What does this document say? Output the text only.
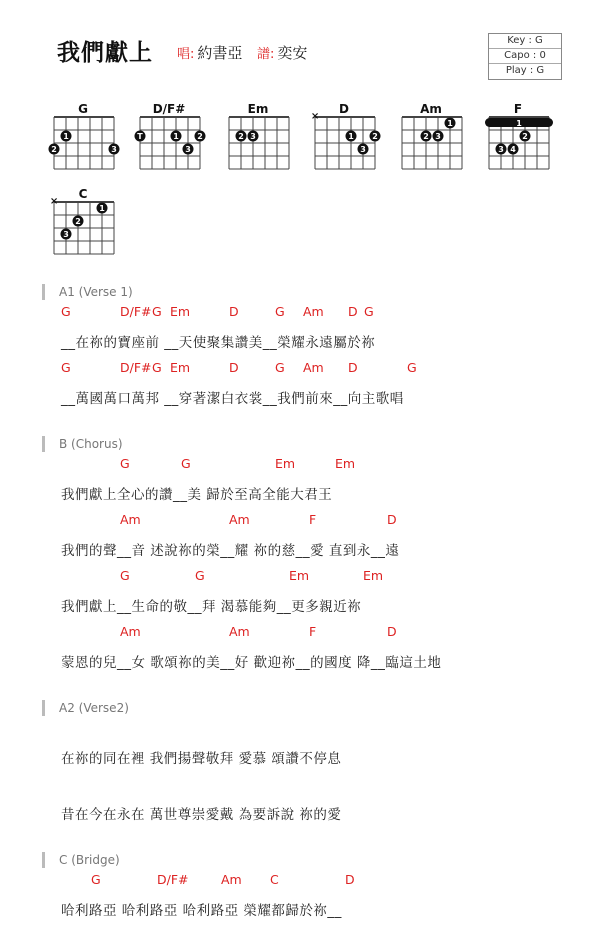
我們獻上 唱: 約書亞 譜: 奕安
Key : G
Capo : 0
Play : G
G
1
2	3
D/F#
T	1 2
3
Em
2 3
D
×
1 2
3
Am
1
2 3
F
1
2
3 4
C
×
1
2
3
A1 (Verse 1)
G	D/F# G Em	D	G Am D G
__在祢的寶座前 __天使聚集讚美__榮耀永遠屬於祢
G	D/F# G Em	D	G Am D	G
__萬國萬口萬邦 __穿著潔白衣裳__我們前來__向主歌唱
B (Chorus)
G	G	Em	Em
我們獻上全心的讚__美 歸於至高全能大君王
Am	Am	F	D
我們的聲__音 述說祢的榮__耀 祢的慈__愛 直到永__遠
G	G	Em	Em
我們獻上__生命的敬__拜 渴慕能夠__更多親近祢
Am	Am	F	D
蒙恩的兒__女 歌頌祢的美__好 歡迎祢__的國度 降__臨這土地
A2 (Verse2)
在祢的同在裡 我們揚聲敬拜 愛慕 頌讚不停息
昔在今在永在 萬世尊崇愛戴 為要訴說 祢的愛
C (Bridge)
G	D/F#	Am C	D
哈利路亞 哈利路亞 哈利路亞 榮耀都歸於祢__
